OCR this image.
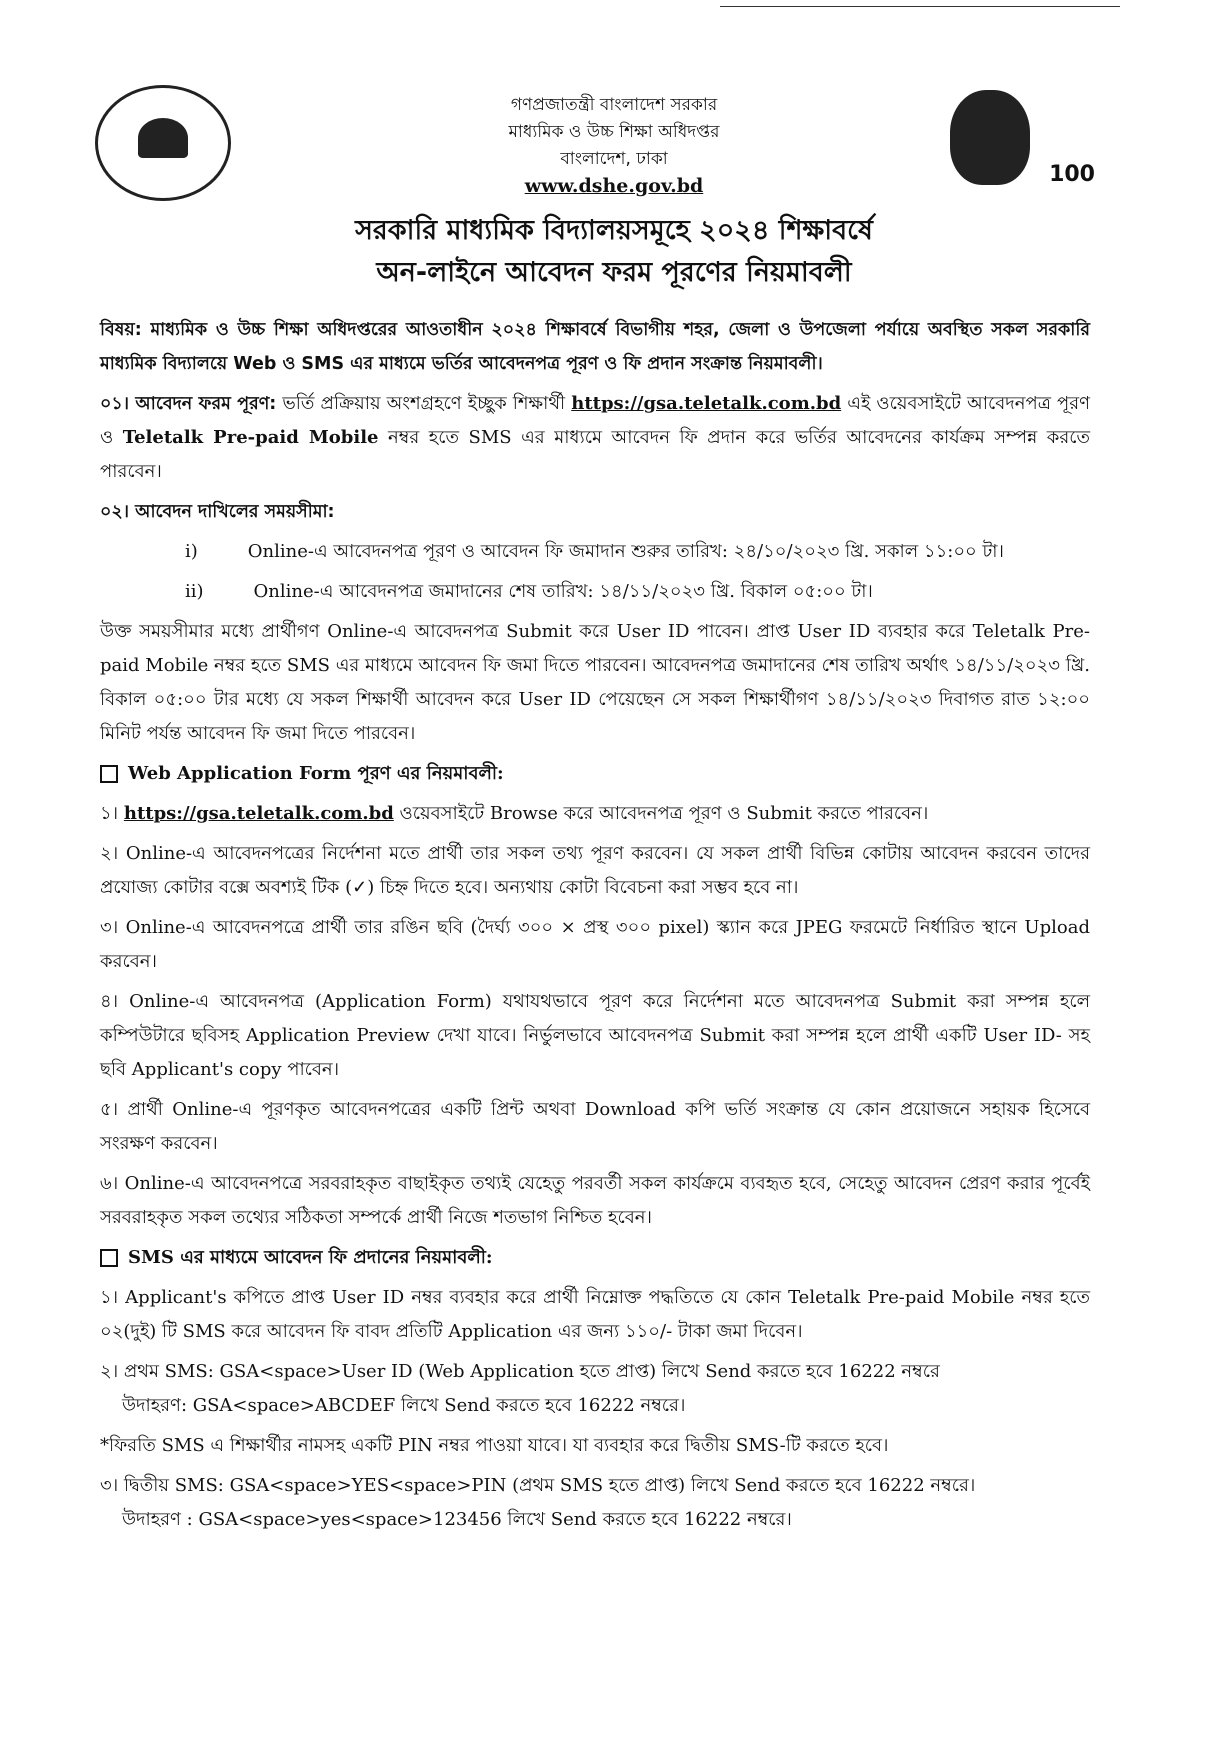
100
গণপ্রজাতন্ত্রী বাংলাদেশ সরকার
মাধ্যমিক ও উচ্চ শিক্ষা অধিদপ্তর
বাংলাদেশ, ঢাকা
www.dshe.gov.bd
সরকারি মাধ্যমিক বিদ্যালয়সমূহে ২০২৪ শিক্ষাবর্ষে
অন-লাইনে আবেদন ফরম পূরণের নিয়মাবলী

বিষয়: মাধ্যমিক ও উচ্চ শিক্ষা অধিদপ্তরের আওতাধীন ২০২৪ শিক্ষাবর্ষে বিভাগীয় শহর, জেলা ও উপজেলা পর্যায়ে অবস্থিত সকল সরকারি মাধ্যমিক বিদ্যালয়ে Web ও SMS এর মাধ্যমে ভর্তির আবেদনপত্র পূরণ ও ফি প্রদান সংক্রান্ত নিয়মাবলী।

০১। আবেদন ফরম পূরণ: ভর্তি প্রক্রিয়ায় অংশগ্রহণে ইচ্ছুক শিক্ষার্থী https://gsa.teletalk.com.bd এই ওয়েবসাইটে আবেদনপত্র পূরণ ও Teletalk Pre-paid Mobile নম্বর হতে SMS এর মাধ্যমে আবেদন ফি প্রদান করে ভর্তির আবেদনের কার্যক্রম সম্পন্ন করতে পারবেন।

০২। আবেদন দাখিলের সময়সীমা:

i)	Online-এ আবেদনপত্র পূরণ ও আবেদন ফি জমাদান শুরুর তারিখ: ২৪/১০/২০২৩ খ্রি. সকাল ১১:০০ টা।
ii)	Online-এ আবেদনপত্র জমাদানের শেষ তারিখ: ১৪/১১/২০২৩ খ্রি. বিকাল ০৫:০০ টা।

উক্ত সময়সীমার মধ্যে প্রার্থীগণ Online-এ আবেদনপত্র Submit করে User ID পাবেন। প্রাপ্ত User ID ব্যবহার করে Teletalk Pre-paid Mobile নম্বর হতে SMS এর মাধ্যমে আবেদন ফি জমা দিতে পারবেন। আবেদনপত্র জমাদানের শেষ তারিখ অর্থাৎ ১৪/১১/২০২৩ খ্রি. বিকাল ০৫:০০ টার মধ্যে যে সকল শিক্ষার্থী আবেদন করে User ID পেয়েছেন সে সকল শিক্ষার্থীগণ ১৪/১১/২০২৩ দিবাগত রাত ১২:০০ মিনিট পর্যন্ত আবেদন ফি জমা দিতে পারবেন।

Web Application Form পূরণ এর নিয়মাবলী:

১। https://gsa.teletalk.com.bd ওয়েবসাইটে Browse করে আবেদনপত্র পূরণ ও Submit করতে পারবেন।

২। Online-এ আবেদনপত্রের নির্দেশনা মতে প্রার্থী তার সকল তথ্য পূরণ করবেন। যে সকল প্রার্থী বিভিন্ন কোটায় আবেদন করবেন তাদের প্রযোজ্য কোটার বক্সে অবশ্যই টিক (✓) চিহ্ন দিতে হবে। অন্যথায় কোটা বিবেচনা করা সম্ভব হবে না।

৩। Online-এ আবেদনপত্রে প্রার্থী তার রঙিন ছবি (দৈর্ঘ্য ৩০০ × প্রস্থ ৩০০ pixel) স্ক্যান করে JPEG ফরমেটে নির্ধারিত স্থানে Upload করবেন।

৪। Online-এ আবেদনপত্র (Application Form) যথাযথভাবে পূরণ করে নির্দেশনা মতে আবেদনপত্র Submit করা সম্পন্ন হলে কম্পিউটারে ছবিসহ Application Preview দেখা যাবে। নির্ভুলভাবে আবেদনপত্র Submit করা সম্পন্ন হলে প্রার্থী একটি User ID- সহ ছবি Applicant's copy পাবেন।

৫। প্রার্থী Online-এ পূরণকৃত আবেদনপত্রের একটি প্রিন্ট অথবা Download কপি ভর্তি সংক্রান্ত যে কোন প্রয়োজনে সহায়ক হিসেবে সংরক্ষণ করবেন।

৬। Online-এ আবেদনপত্রে সরবরাহকৃত বাছাইকৃত তথ্যই যেহেতু পরবর্তী সকল কার্যক্রমে ব্যবহৃত হবে, সেহেতু আবেদন প্রেরণ করার পূর্বেই সরবরাহকৃত সকল তথ্যের সঠিকতা সম্পর্কে প্রার্থী নিজে শতভাগ নিশ্চিত হবেন।

SMS এর মাধ্যমে আবেদন ফি প্রদানের নিয়মাবলী:

১। Applicant's কপিতে প্রাপ্ত User ID নম্বর ব্যবহার করে প্রার্থী নিম্নোক্ত পদ্ধতিতে যে কোন Teletalk Pre-paid Mobile নম্বর হতে ০২(দুই) টি SMS করে আবেদন ফি বাবদ প্রতিটি Application এর জন্য ১১০/- টাকা জমা দিবেন।

২। প্রথম SMS: GSA<space>User ID (Web Application হতে প্রাপ্ত) লিখে Send করতে হবে 16222 নম্বরে

উদাহরণ: GSA<space>ABCDEF লিখে Send করতে হবে 16222 নম্বরে।

*ফিরতি SMS এ শিক্ষার্থীর নামসহ একটি PIN নম্বর পাওয়া যাবে। যা ব্যবহার করে দ্বিতীয় SMS-টি করতে হবে।

৩। দ্বিতীয় SMS: GSA<space>YES<space>PIN (প্রথম SMS হতে প্রাপ্ত) লিখে Send করতে হবে 16222 নম্বরে।

উদাহরণ : GSA<space>yes<space>123456 লিখে Send করতে হবে 16222 নম্বরে।
